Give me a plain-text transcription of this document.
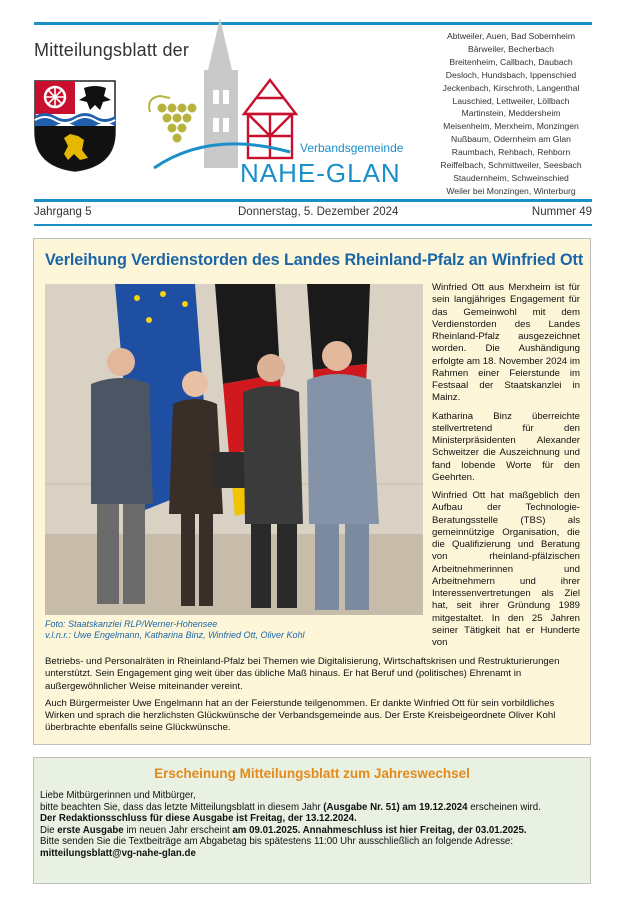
Mitteilungsblatt der
Verbandsgemeinde
NAHE-GLAN
Abtweiler, Auen, Bad Sobernheim
Bärweiler, Becherbach
Breitenheim, Callbach, Daubach
Desloch, Hundsbach, Ippenschied
Jeckenbach, Kirschroth, Langenthal
Lauschied, Lettweiler, Löllbach
Martinstein, Meddersheim
Meisenheim, Merxheim, Monzingen
Nußbaum, Odernheim am Glan
Raumbach, Rehbach, Rehborn
Reiffelbach, Schmittweiler, Seesbach
Staudernheim, Schweinschied
Weiler bei Monzingen, Winterburg
Jahrgang 5	Donnerstag, 5. Dezember 2024	Nummer 49
Verleihung Verdienstorden des Landes Rheinland-Pfalz an Winfried Ott
Foto: Staatskanzlei RLP/Werner-Hohensee
v.l.n.r.: Uwe Engelmann, Katharina Binz, Winfried Ott, Oliver Kohl

Winfried Ott aus Merxheim ist für sein langjähriges Engagement für das Gemeinwohl mit dem Verdienstorden des Landes Rheinland-Pfalz ausgezeichnet worden. Die Aushändigung erfolgte am 18. November 2024 im Rahmen einer Feierstunde im Festsaal der Staatskanzlei in Mainz.

Katharina Binz überreichte stellvertretend für den Ministerpräsidenten Alexander Schweitzer die Auszeichnung und fand lobende Worte für den Geehrten.

Winfried Ott hat maßgeblich den Aufbau der Technologie-Beratungsstelle (TBS) als gemeinnützige Organisation, die die Qualifizierung und Beratung von rheinland-pfälzischen Arbeitnehmerinnen und Arbeitnehmern und ihrer Interessenvertretungen als Ziel hat, seit ihrer Gründung 1989 mitgestaltet. In den 25 Jahren seiner Tätigkeit hat er Hunderte von

Betriebs- und Personalräten in Rheinland-Pfalz bei Themen wie Digitalisierung, Wirtschaftskrisen und Restrukturierungen unterstützt. Sein Engagement ging weit über das übliche Maß hinaus. Er hat Beruf und (politisches) Ehrenamt in außergewöhnlicher Weise miteinander vereint.

Auch Bürgermeister Uwe Engelmann hat an der Feierstunde teilgenommen. Er dankte Winfried Ott für sein vorbildliches Wirken und sprach die herzlichsten Glückwünsche der Verbandsgemeinde aus. Der Erste Kreisbeigeordnete Oliver Kohl überbrachte ebenfalls seine Glückwünsche.

Erscheinung Mitteilungsblatt zum Jahreswechsel
Liebe Mitbürgerinnen und Mitbürger,
bitte beachten Sie, dass das letzte Mitteilungsblatt in diesem Jahr (Ausgabe Nr. 51) am 19.12.2024 erscheinen wird.
Der Redaktionsschluss für diese Ausgabe ist Freitag, der 13.12.2024.
Die erste Ausgabe im neuen Jahr erscheint am 09.01.2025. Annahmeschluss ist hier Freitag, der 03.01.2025.
Bitte senden Sie die Textbeiträge am Abgabetag bis spätestens 11:00 Uhr ausschließlich an folgende Adresse:
mitteilungsblatt@vg-nahe-glan.de
